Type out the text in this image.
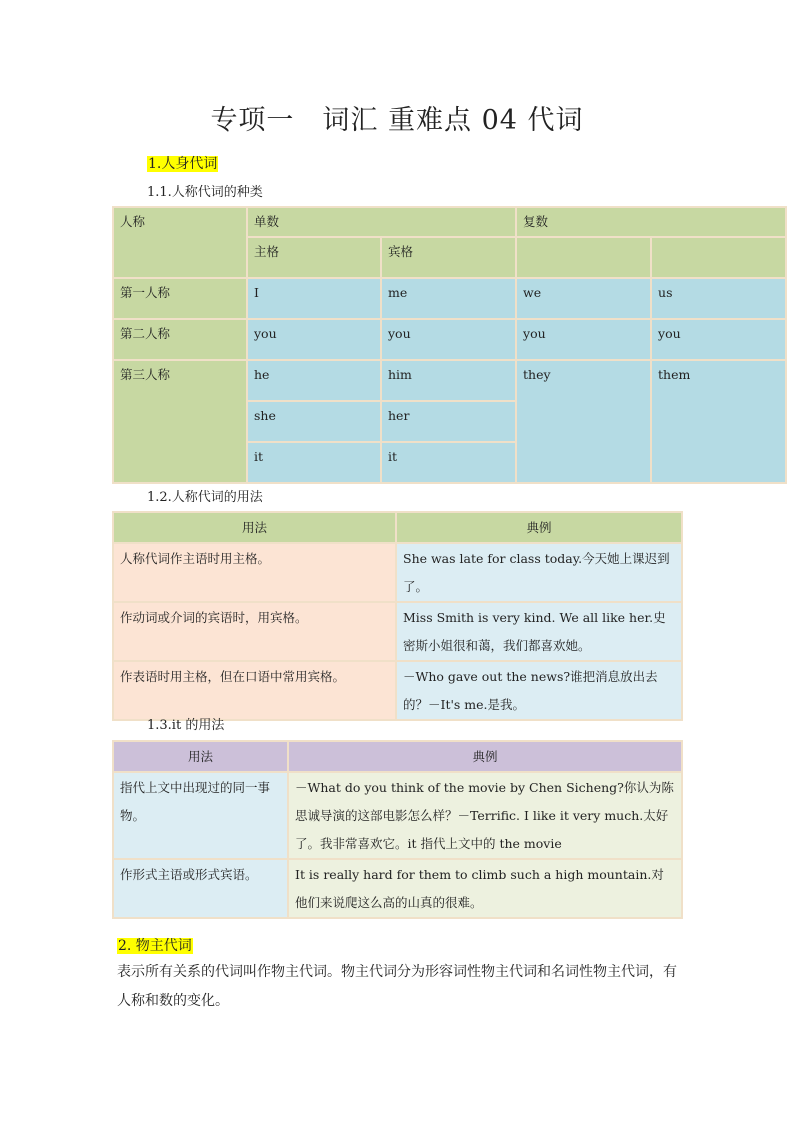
专项一　词汇 重难点 04 代词
1.人身代词
1.1.人称代词的种类
人称	单数		复数	
	主格	宾格		
第一人称	I	me	we	us
第二人称	you	you	you	you
第三人称	he	him	they	them
	she	her		
	it	it		
1.2.人称代词的用法
用法	典例
人称代词作主语时用主格。	She was late for class today.今天她上课迟到了。
作动词或介词的宾语时，用宾格。	Miss Smith is very kind. We all like her.史密斯小姐很和蔼，我们都喜欢她。
作表语时用主格，但在口语中常用宾格。	－Who gave out the news?谁把消息放出去的？－It's me.是我。
1.3.it 的用法
用法	典例
指代上文中出现过的同一事物。	－What do you think of the movie by Chen Sicheng?你认为陈思诚导演的这部电影怎么样？－Terrific. I like it very much.太好了。我非常喜欢它。it 指代上文中的 the movie
作形式主语或形式宾语。	It is really hard for them to climb such a high mountain.对他们来说爬这么高的山真的很难。
2. 物主代词
表示所有关系的代词叫作物主代词。物主代词分为形容词性物主代词和名词性物主代词，有人称和数的变化。
